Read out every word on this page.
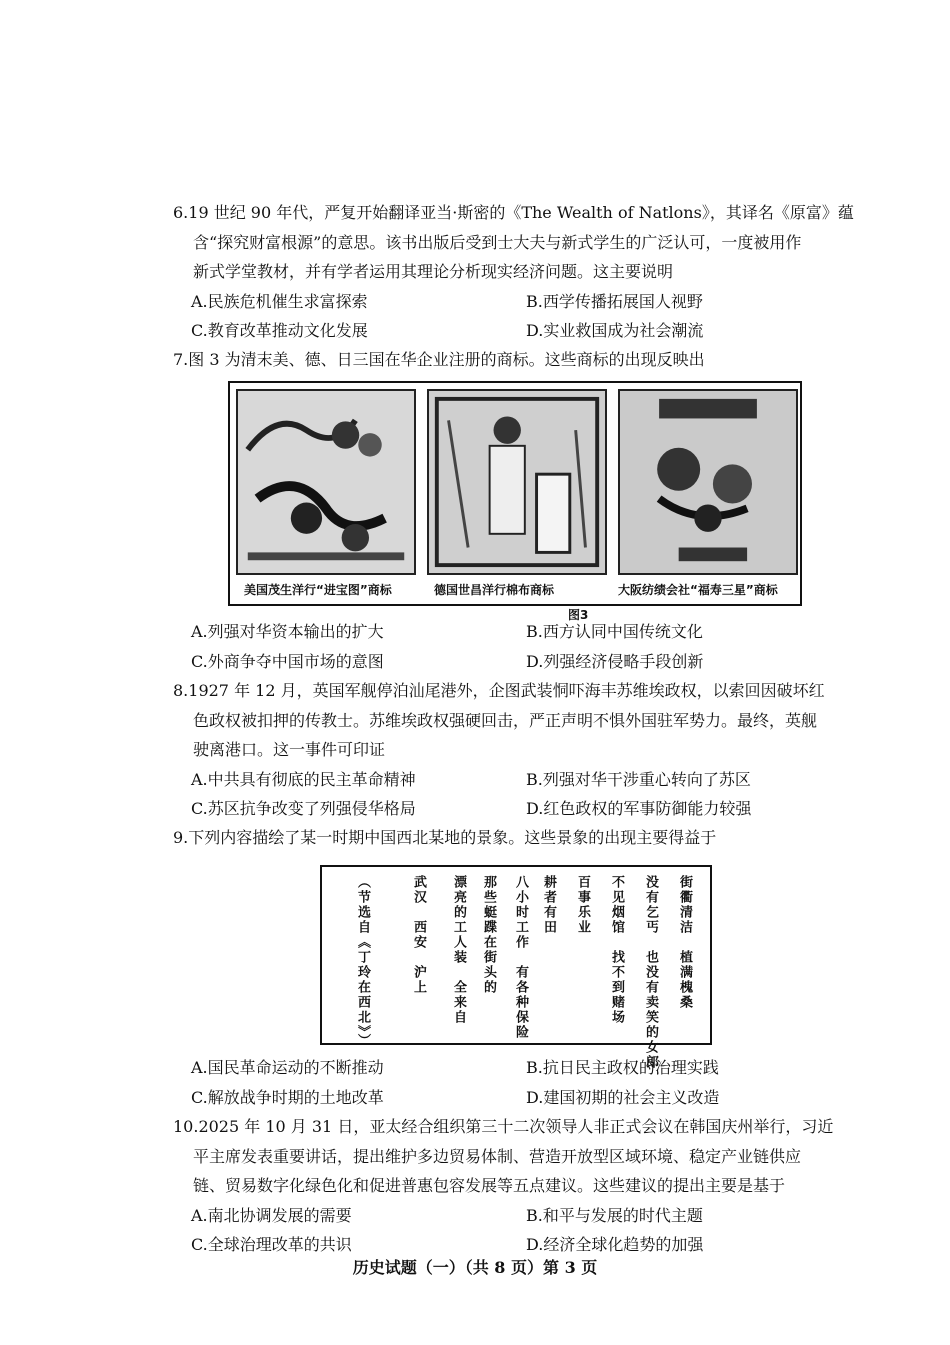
6.19 世纪 90 年代，严复开始翻译亚当·斯密的《The Wealth of Natlons》，其译名《原富》蕴

含“探究财富根源”的意思。该书出版后受到士大夫与新式学生的广泛认可，一度被用作

新式学堂教材，并有学者运用其理论分析现实经济问题。这主要说明

A.民族危机催生求富探索	B.西学传播拓展国人视野
C.教育改革推动文化发展	D.实业救国成为社会潮流

7.图 3 为清末美、德、日三国在华企业注册的商标。这些商标的出现反映出

美国茂生洋行“进宝图”商标	德国世昌洋行棉布商标	大阪纺绩会社“福寿三星”商标
图3
A.列强对华资本输出的扩大	B.西方认同中国传统文化
C.外商争夺中国市场的意图	D.列强经济侵略手段创新

8.1927 年 12 月，英国军舰停泊汕尾港外，企图武装恫吓海丰苏维埃政权，以索回因破坏红

色政权被扣押的传教士。苏维埃政权强硬回击，严正声明不惧外国驻军势力。最终，英舰

驶离港口。这一事件可印证

A.中共具有彻底的民主革命精神	B.列强对华干涉重心转向了苏区
C.苏区抗争改变了列强侵华格局	D.红色政权的军事防御能力较强

9.下列内容描绘了某一时期中国西北某地的景象。这些景象的出现主要得益于

街衢清洁　植满槐桑
没有乞丐　也没有卖笑的女郎
不见烟馆　找不到赌场
百事乐业
耕者有田
八小时工作　有各种保险
那些蜓蹀在街头的
漂亮的工人装　全来自
武汉　西安　沪上
（节选自《丁玲在西北》）
A.国民革命运动的不断推动	B.抗日民主政权的治理实践
C.解放战争时期的土地改革	D.建国初期的社会主义改造

10.2025 年 10 月 31 日，亚太经合组织第三十二次领导人非正式会议在韩国庆州举行，习近

平主席发表重要讲话，提出维护多边贸易体制、营造开放型区域环境、稳定产业链供应

链、贸易数字化绿色化和促进普惠包容发展等五点建议。这些建议的提出主要是基于

A.南北协调发展的需要	B.和平与发展的时代主题
C.全球治理改革的共识	D.经济全球化趋势的加强
历史试题（一）（共 8 页）第 3 页
